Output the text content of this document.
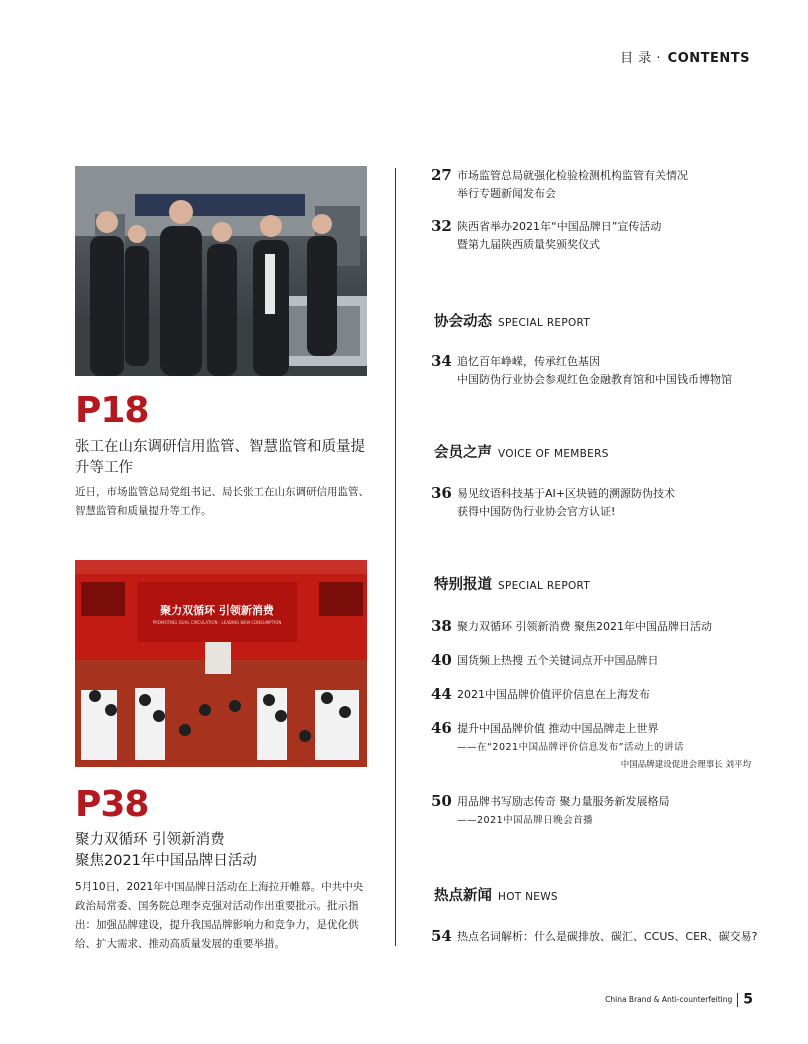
目 录 · CONTENTS
P18
张工在山东调研信用监管、智慧监管和质量提升等工作
近日，市场监管总局党组书记、局长张工在山东调研信用监管、智慧监管和质量提升等工作。
聚力双循环 引领新消费
PROMOTING DUAL CIRCULATION · LEADING NEW CONSUMPTION
P38
聚力双循环 引领新消费
聚焦2021年中国品牌日活动
5月10日，2021年中国品牌日活动在上海拉开帷幕。中共中央政治局常委、国务院总理李克强对活动作出重要批示。批示指出：加强品牌建设，提升我国品牌影响力和竞争力，是优化供给、扩大需求、推动高质量发展的重要举措。
27 市场监管总局就强化检验检测机构监管有关情况
举行专题新闻发布会
32 陕西省举办2021年“中国品牌日”宣传活动
暨第九届陕西质量奖颁奖仪式
协会动态 SPECIAL REPORT
34 追忆百年峥嵘，传承红色基因
中国防伪行业协会参观红色金融教育馆和中国钱币博物馆
会员之声 VOICE OF MEMBERS
36 易见纹语科技基于AI+区块链的溯源防伪技术
获得中国防伪行业协会官方认证!
特别报道 SPECIAL REPORT
38 聚力双循环 引领新消费 聚焦2021年中国品牌日活动
40 国货频上热搜 五个关键词点开中国品牌日
44 2021中国品牌价值评价信息在上海发布
46 提升中国品牌价值 推动中国品牌走上世界
——在“2021中国品牌评价信息发布”活动上的讲话
中国品牌建设促进会理事长 刘平均
50 用品牌书写励志传奇 聚力量服务新发展格局
——2021中国品牌日晚会首播
热点新闻 HOT NEWS
54 热点名词解析：什么是碳排放、碳汇、CCUS、CER、碳交易?
China Brand & Anti-counterfeiting 5
